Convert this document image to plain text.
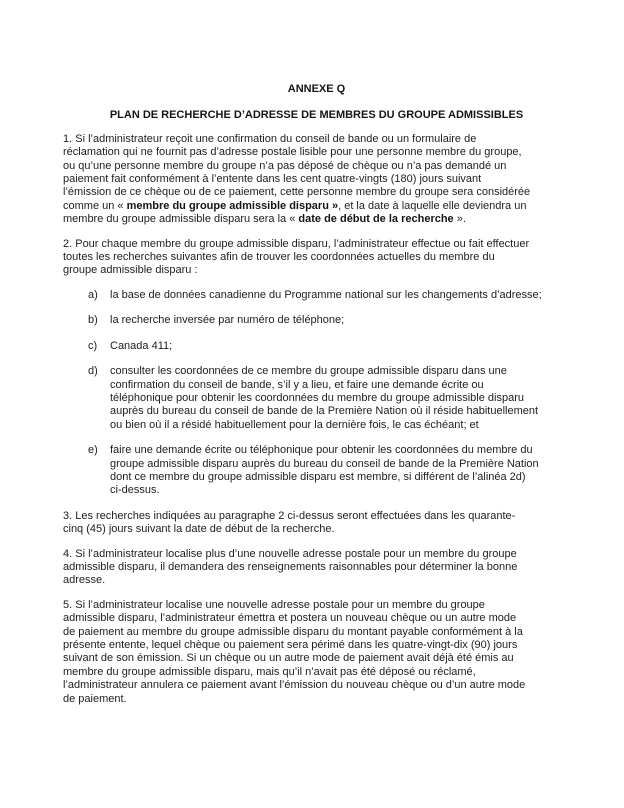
ANNEXE Q
PLAN DE RECHERCHE D’ADRESSE DE MEMBRES DU GROUPE ADMISSIBLES
1. Si l’administrateur reçoit une confirmation du conseil de bande ou un formulaire de
réclamation qui ne fournit pas d’adresse postale lisible pour une personne membre du groupe,
ou qu’une personne membre du groupe n’a pas déposé de chèque ou n’a pas demandé un
paiement fait conformément à l’entente dans les cent quatre-vingts (180) jours suivant
l’émission de ce chèque ou de ce paiement, cette personne membre du groupe sera considérée
comme un « membre du groupe admissible disparu », et la date à laquelle elle deviendra un
membre du groupe admissible disparu sera la « date de début de la recherche ».
2. Pour chaque membre du groupe admissible disparu, l’administrateur effectue ou fait effectuer
toutes les recherches suivantes afin de trouver les coordonnées actuelles du membre du
groupe admissible disparu :
a)	la base de données canadienne du Programme national sur les changements d’adresse;
b)	la recherche inversée par numéro de téléphone;
c)	Canada 411;
d)	consulter les coordonnées de ce membre du groupe admissible disparu dans une
confirmation du conseil de bande, s’il y a lieu, et faire une demande écrite ou
téléphonique pour obtenir les coordonnées du membre du groupe admissible disparu
auprès du bureau du conseil de bande de la Première Nation où il réside habituellement
ou bien où il a résidé habituellement pour la dernière fois, le cas échéant; et
e)	faire une demande écrite ou téléphonique pour obtenir les coordonnées du membre du
groupe admissible disparu auprès du bureau du conseil de bande de la Première Nation
dont ce membre du groupe admissible disparu est membre, si différent de l’alinéa 2d)
ci-dessus.
3. Les recherches indiquées au paragraphe 2 ci-dessus seront effectuées dans les quarante-
cinq (45) jours suivant la date de début de la recherche.
4. Si l’administrateur localise plus d’une nouvelle adresse postale pour un membre du groupe
admissible disparu, il demandera des renseignements raisonnables pour déterminer la bonne
adresse.
5. Si l’administrateur localise une nouvelle adresse postale pour un membre du groupe
admissible disparu, l’administrateur émettra et postera un nouveau chèque ou un autre mode
de paiement au membre du groupe admissible disparu du montant payable conformément à la
présente entente, lequel chèque ou paiement sera périmé dans les quatre-vingt-dix (90) jours
suivant de son émission. Si un chèque ou un autre mode de paiement avait déjà été émis au
membre du groupe admissible disparu, mais qu’il n’avait pas été déposé ou réclamé,
l’administrateur annulera ce paiement avant l’émission du nouveau chèque ou d’un autre mode
de paiement.
